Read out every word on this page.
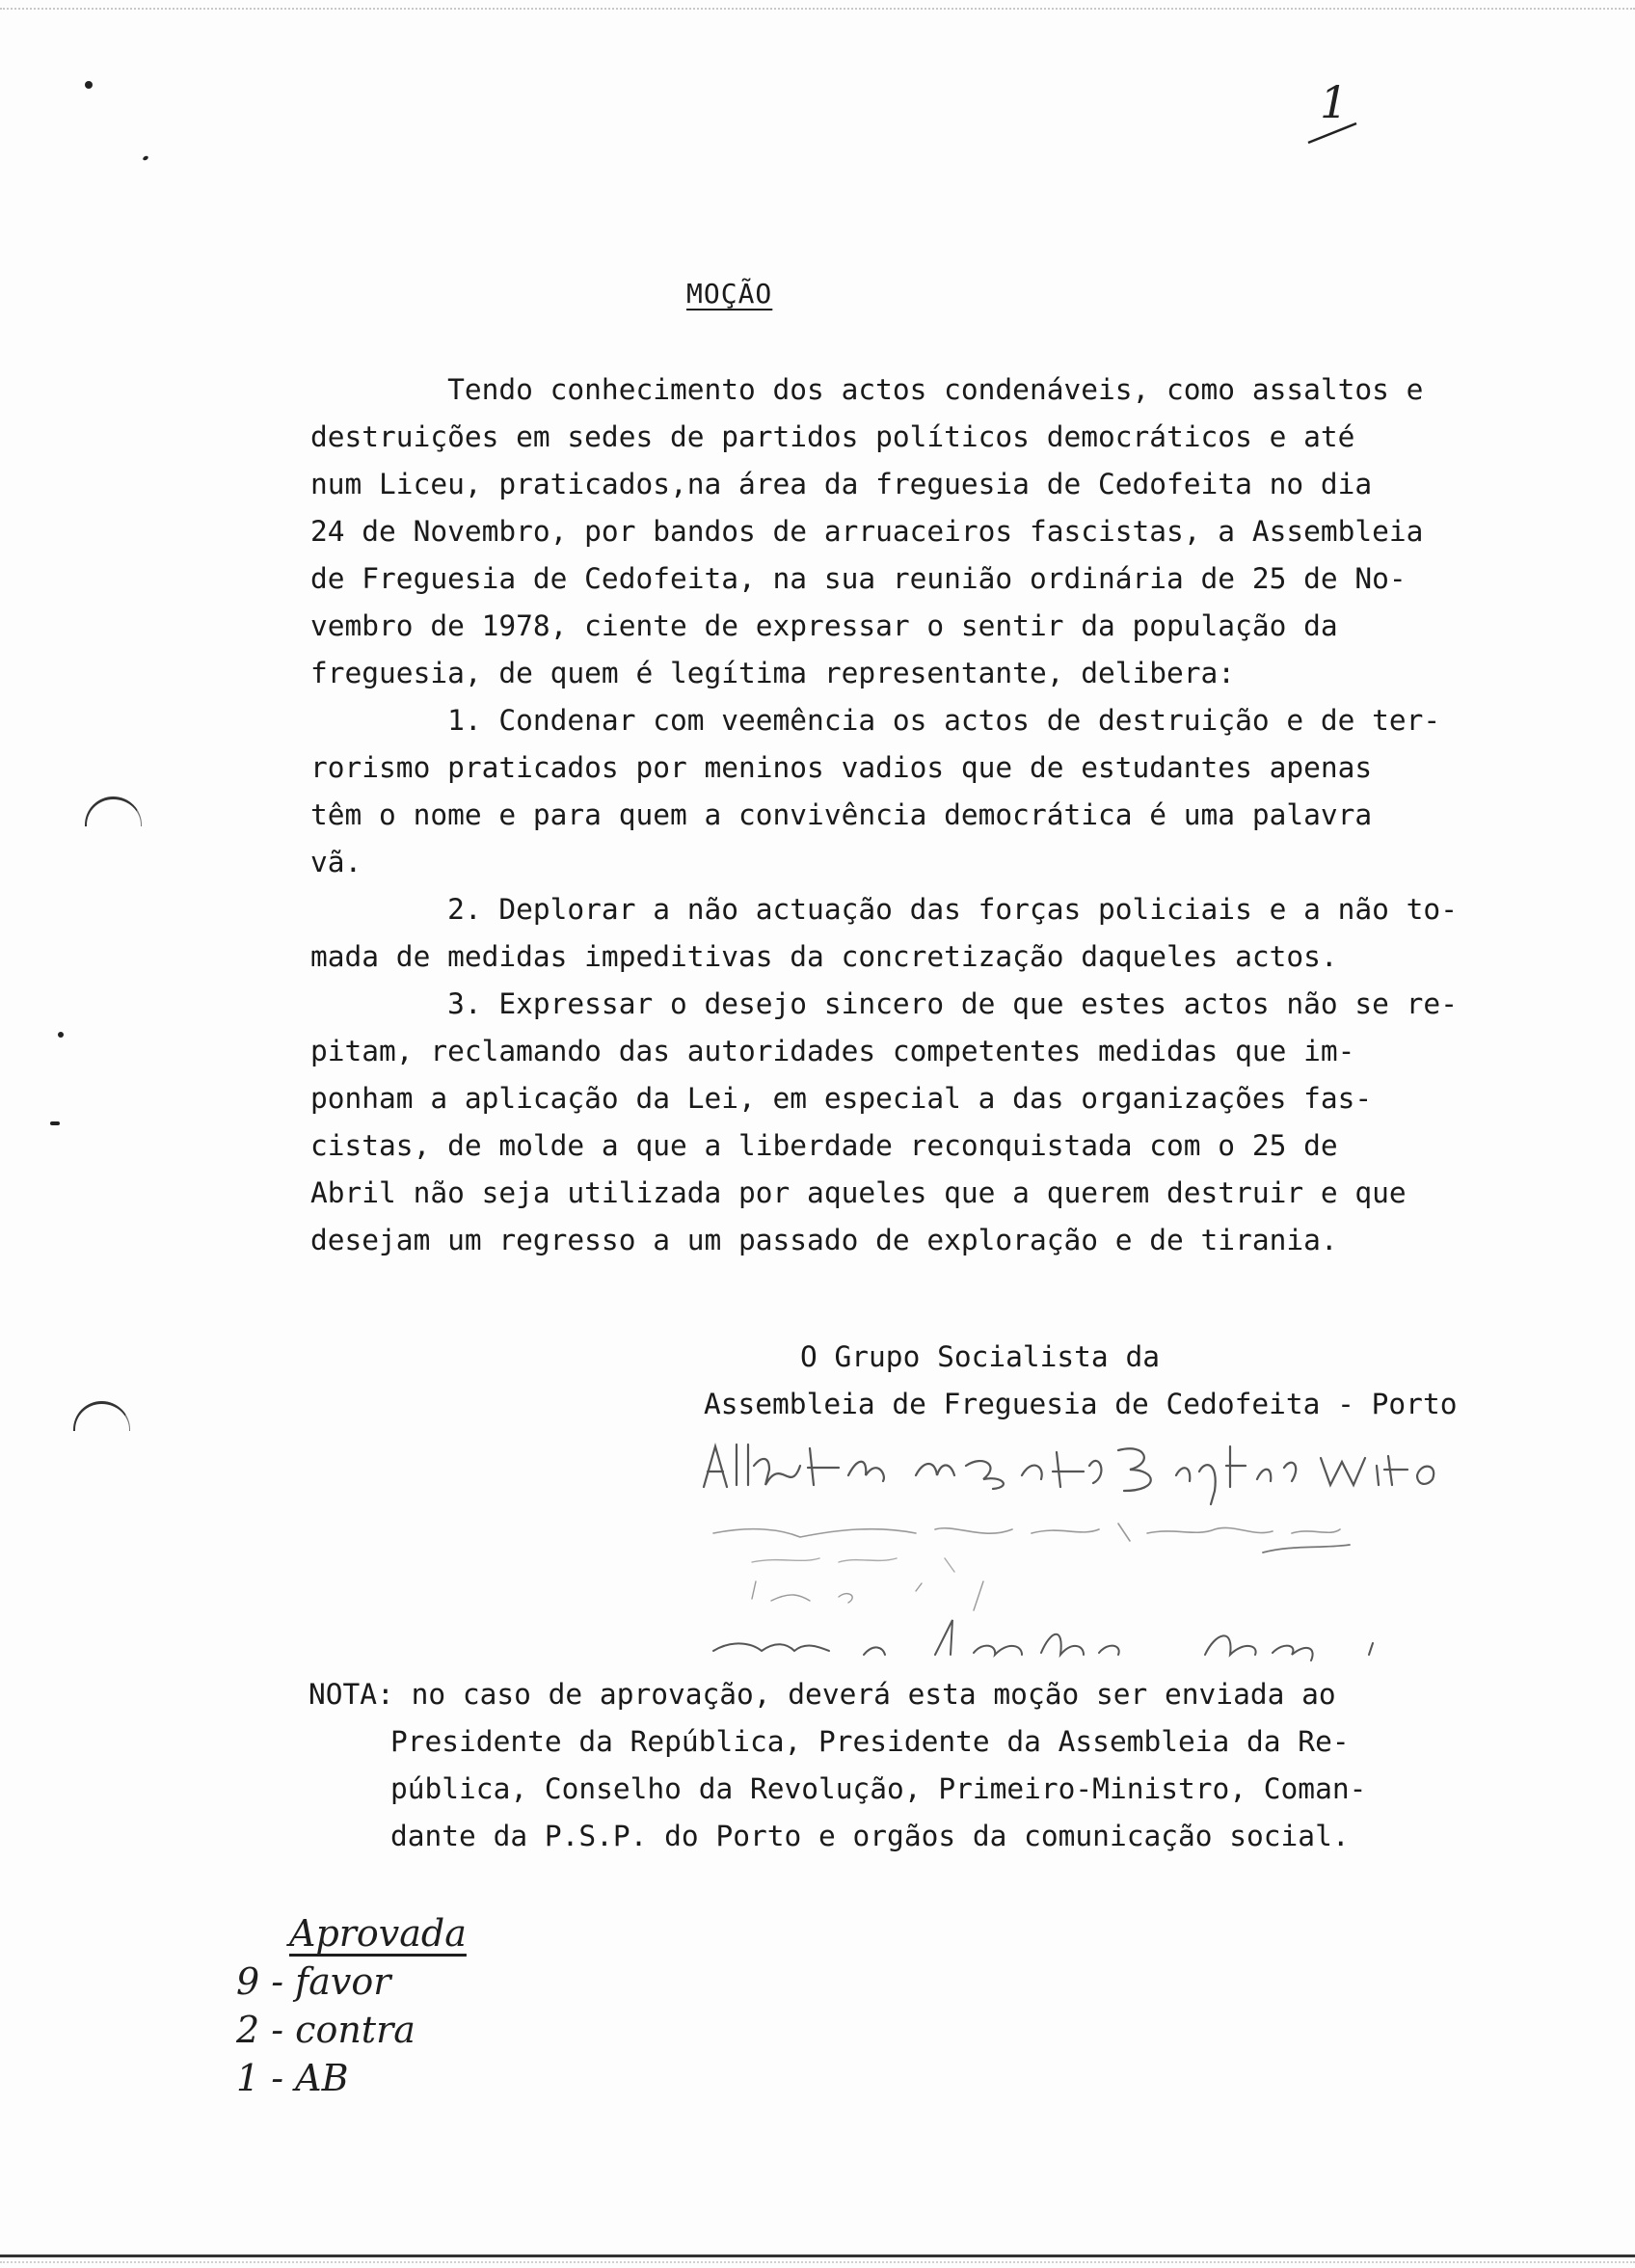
1
MOÇÃO
Tendo conhecimento dos actos condenáveis, como assaltos e
destruições em sedes de partidos políticos democráticos e até
num Liceu, praticados,na área da freguesia de Cedofeita no dia
24 de Novembro, por bandos de arruaceiros fascistas, a Assembleia
de Freguesia de Cedofeita, na sua reunião ordinária de 25 de No-
vembro de 1978, ciente de expressar o sentir da população da
freguesia, de quem é legítima representante, delibera:
1. Condenar com veemência os actos de destruição e de ter-
rorismo praticados por meninos vadios que de estudantes apenas
têm o nome e para quem a convivência democrática é uma palavra
vã.
2. Deplorar a não actuação das forças policiais e a não to-
mada de medidas impeditivas da concretização daqueles actos.
3. Expressar o desejo sincero de que estes actos não se re-
pitam, reclamando das autoridades competentes medidas que im-
ponham a aplicação da Lei, em especial a das organizações fas-
cistas, de molde a que a liberdade reconquistada com o 25 de
Abril não seja utilizada por aqueles que a querem destruir e que
desejam um regresso a um passado de exploração e de tirania.
O Grupo Socialista da
Assembleia de Freguesia de Cedofeita - Porto
NOTA: no caso de aprovação, deverá esta moção ser enviada ao
Presidente da República, Presidente da Assembleia da Re-
pública, Conselho da Revolução, Primeiro-Ministro, Coman-
dante da P.S.P. do Porto e orgãos da comunicação social.
Aprovada
9 - favor
2 - contra
1 - AB
